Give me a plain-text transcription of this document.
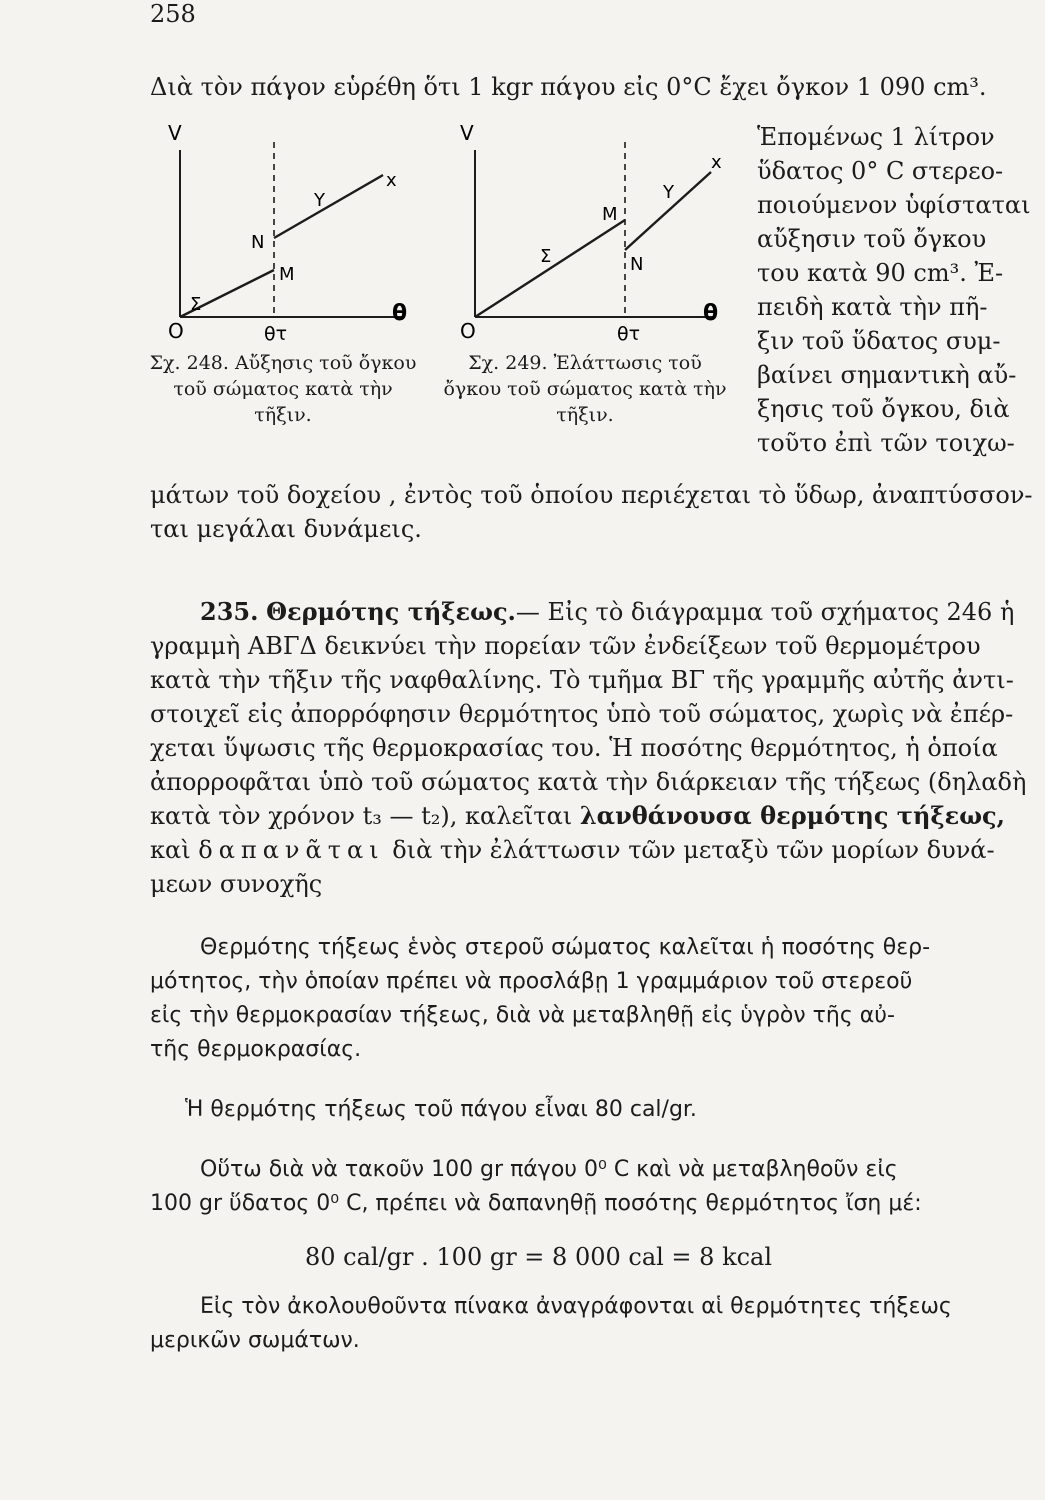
258
Διὰ τὸν πάγον εὑρέθη ὅτι 1 kgr πάγου εἰς 0°C ἔχει ὄγκον 1 090 cm³.
V
O
θ
θτ
Σ
N
M
Y
x
Σχ. 248. Αὔξησις τοῦ ὄγκου τοῦ σώματος κατὰ τὴν τῆξιν.
V
O
θ
θτ
Σ	N
M
Y
x
Σχ. 249. Ἐλάττωσις τοῦ ὄγκου τοῦ σώματος κατὰ τὴν τῆξιν.
Ἑπομένως 1 λίτρον
ὕδατος 0° C στερεο-
ποιούμενον ὑφίσταται
αὔξησιν τοῦ ὄγκου
του κατὰ 90 cm³. Ἐ-
πειδὴ κατὰ τὴν πῆ-
ξιν τοῦ ὕδατος συμ-
βαίνει σημαντικὴ αὔ-
ξησις τοῦ ὄγκου, διὰ
τοῦτο ἐπὶ τῶν τοιχω-
μάτων τοῦ δοχείου , ἐντὸς τοῦ ὁποίου περιέχεται τὸ ὕδωρ, ἀναπτύσσον-
ται μεγάλαι δυνάμεις.
235. Θερμότης τήξεως.— Εἰς τὸ διάγραμμα τοῦ σχήματος 246 ἡ
γραμμὴ ΑΒΓΔ δεικνύει τὴν πορείαν τῶν ἐνδείξεων τοῦ θερμομέτρου
κατὰ τὴν τῆξιν τῆς ναφθαλίνης. Τὸ τμῆμα ΒΓ τῆς γραμμῆς αὐτῆς ἀντι-
στοιχεῖ εἰς ἀπορρόφησιν θερμότητος ὑπὸ τοῦ σώματος, χωρὶς νὰ ἐπέρ-
χεται ὕψωσις τῆς θερμοκρασίας του. Ἡ ποσότης θερμότητος, ἡ ὁποία
ἀπορροφᾶται ὑπὸ τοῦ σώματος κατὰ τὴν διάρκειαν τῆς τήξεως (δηλαδὴ
κατὰ τὸν χρόνον t₃ — t₂), καλεῖται λανθάνουσα θερμότης τήξεως,
καὶ δαπανᾶται διὰ τὴν ἐλάττωσιν τῶν μεταξὺ τῶν μορίων δυνά-
μεων συνοχῆς
Θερμότης τήξεως ἑνὸς στεροῦ σώματος καλεῖται ἡ ποσότης θερ-
μότητος, τὴν ὁποίαν πρέπει νὰ προσλάβῃ 1 γραμμάριον τοῦ στερεοῦ
εἰς τὴν θερμοκρασίαν τήξεως, διὰ νὰ μεταβληθῇ εἰς ὑγρὸν τῆς αὐ-
τῆς θερμοκρασίας.
Ἡ θερμότης τήξεως τοῦ πάγου εἶναι 80 cal/gr.
Οὕτω διὰ νὰ τακοῦν 100 gr πάγου 0⁰ C καὶ νὰ μεταβληθοῦν εἰς
100 gr ὕδατος 0⁰ C, πρέπει νὰ δαπανηθῇ ποσότης θερμότητος ἴση μέ:
80 cal/gr . 100 gr = 8 000 cal = 8 kcal
Εἰς τὸν ἀκολουθοῦντα πίνακα ἀναγράφονται αἱ θερμότητες τήξεως
μερικῶν σωμάτων.
